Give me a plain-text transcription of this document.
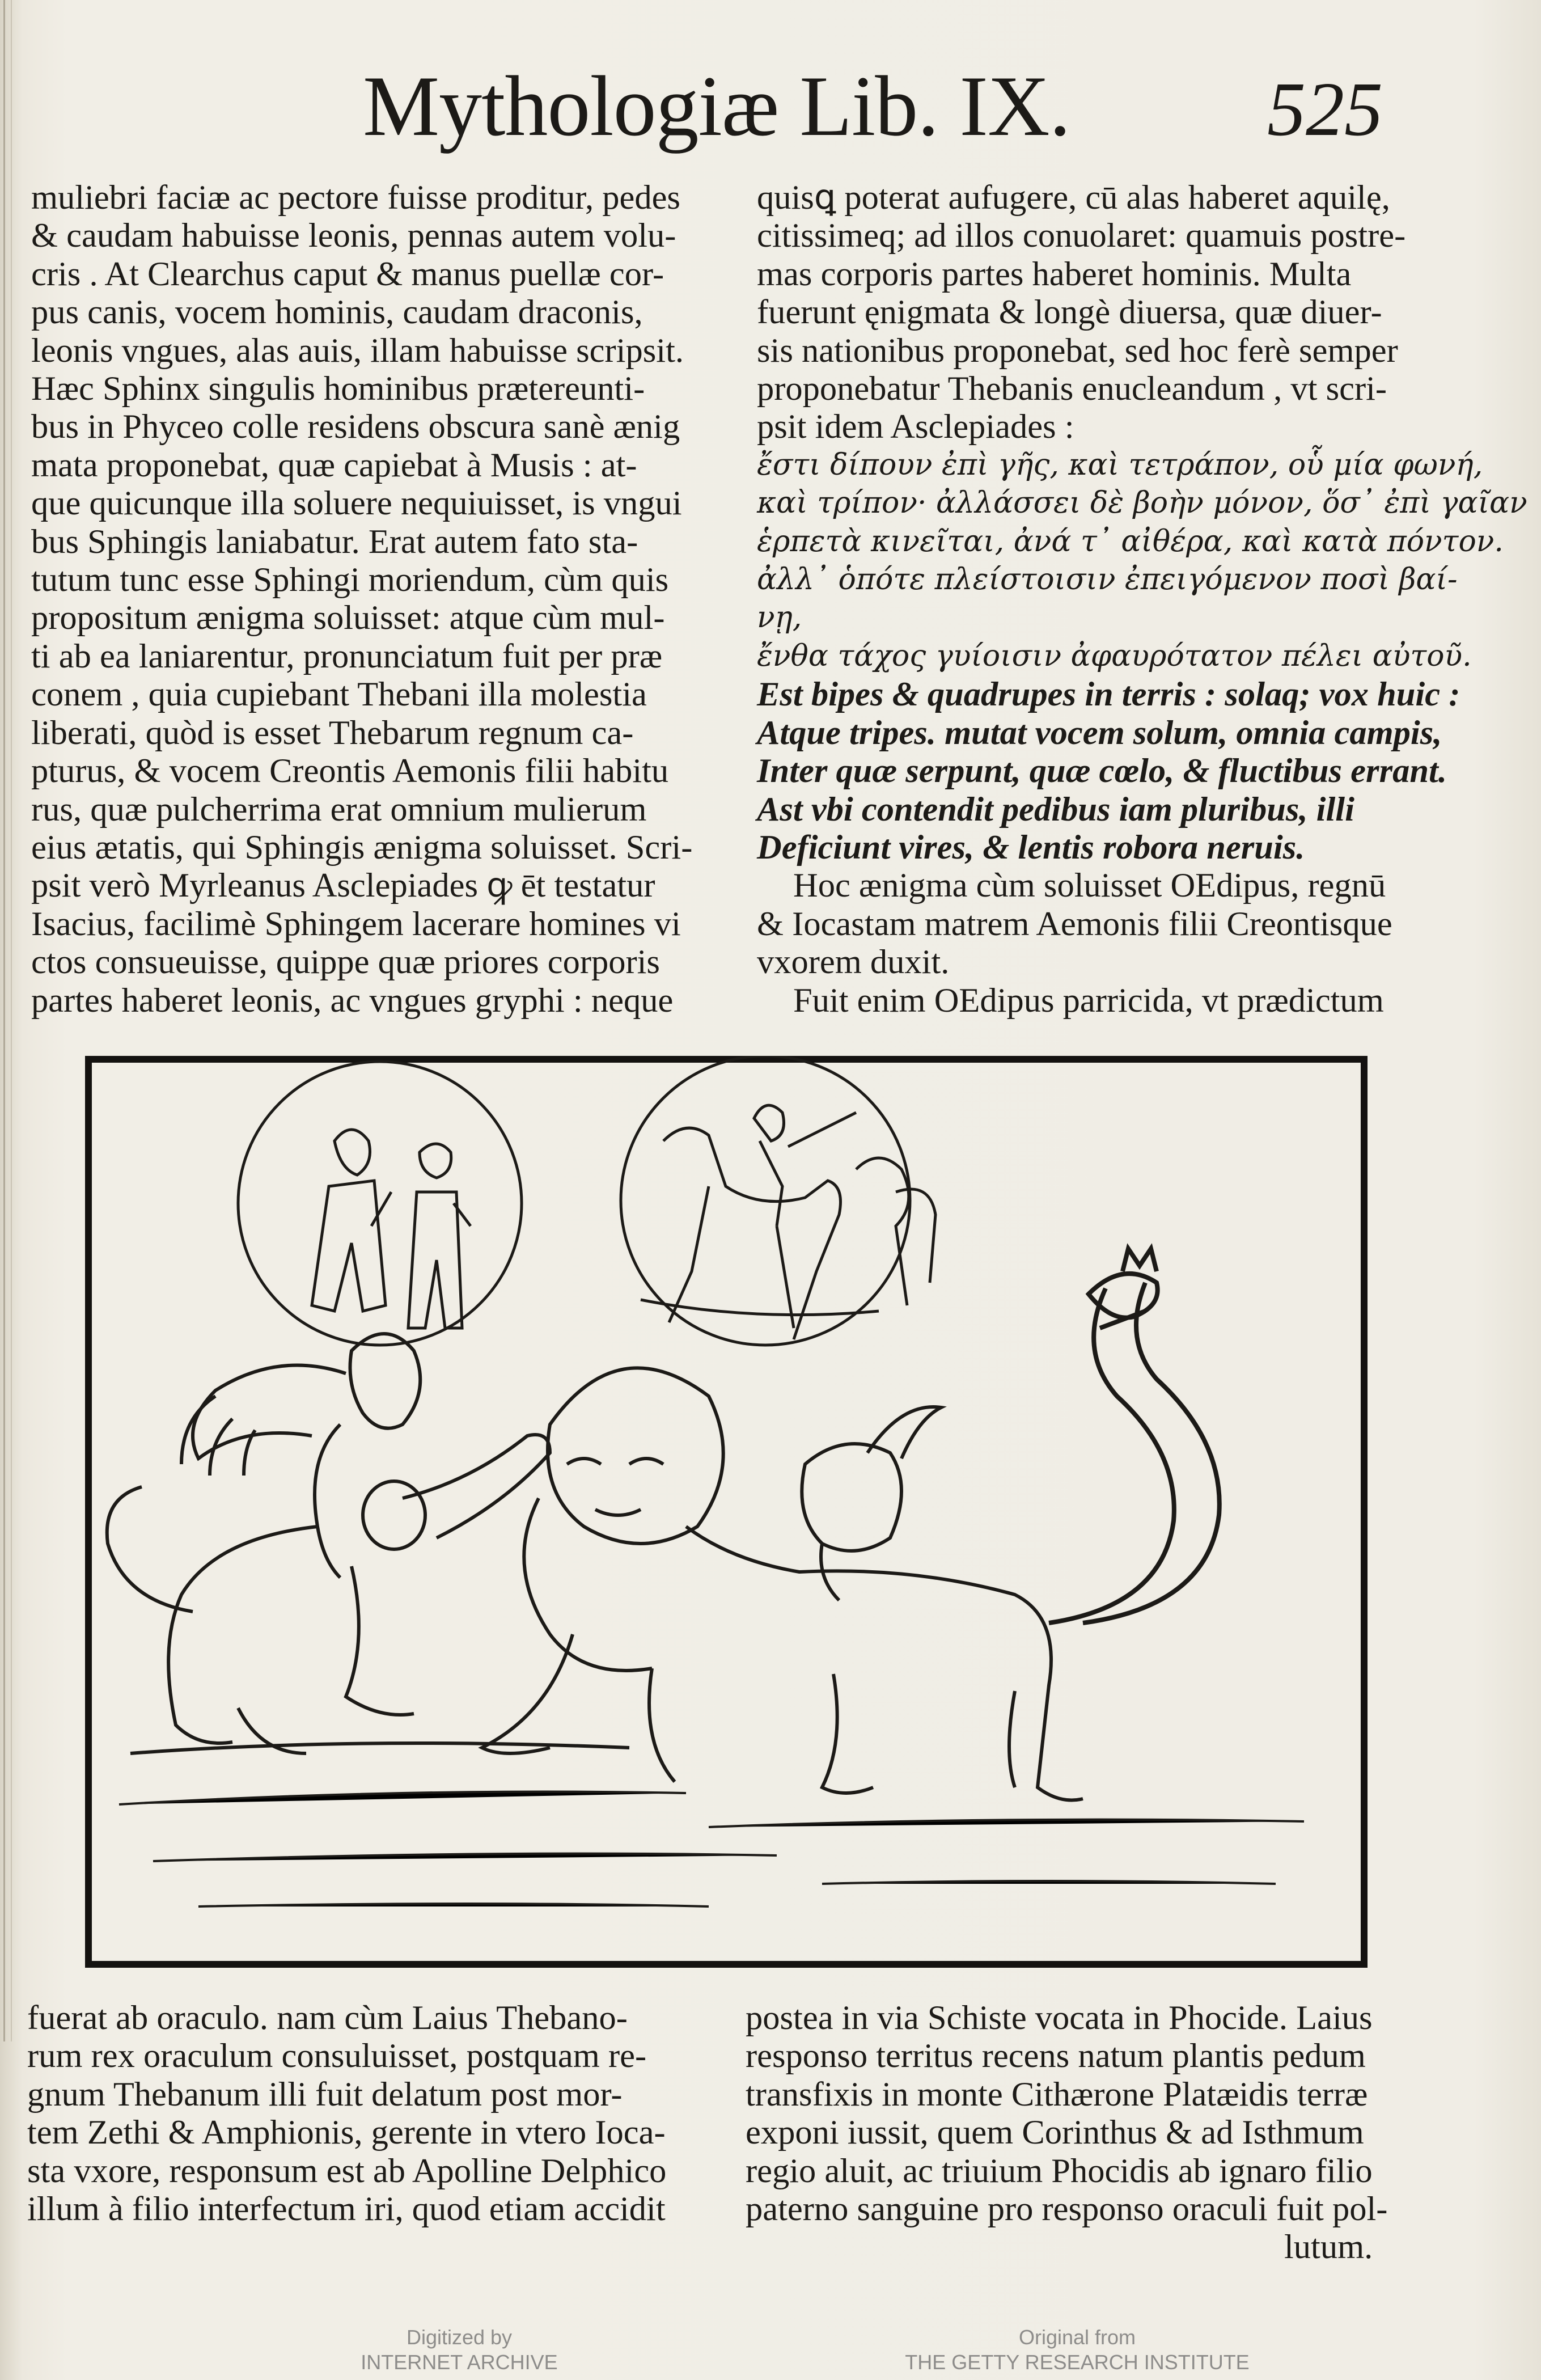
Mythologiæ Lib. IX.	525

muliebri faciæ ac pectore fuisse proditur, pedes

& caudam habuisse leonis, pennas autem volu-

cris . At Clearchus caput & manus puellæ cor-

pus canis, vocem hominis, caudam draconis,

leonis vngues, alas auis, illam habuisse scripsit.

Hæc Sphinx singulis hominibus prætereunti-

bus in Phyceo colle residens obscura sanè ænig

mata proponebat, quæ capiebat à Musis : at-

que quicunque illa soluere nequiuisset, is vngui

bus Sphingis laniabatur. Erat autem fato sta-

tutum tunc esse Sphingi moriendum, cùm quis

propositum ænigma soluisset: atque cùm mul-

ti ab ea laniarentur, pronunciatum fuit per præ

conem , quia cupiebant Thebani illa molestia

liberati, quòd is esset Thebarum regnum ca-

pturus, & vocem Creontis Aemonis filii habitu

rus, quæ pulcherrima erat omnium mulierum

eius ætatis, qui Sphingis ænigma soluisset. Scri-

psit verò Myrleanus Asclepiades ꝙ ēt testatur

Isacius, facilimè Sphingem lacerare homines vi

ctos consueuisse, quippe quæ priores corporis

partes haberet leonis, ac vngues gryphi : neque

quisꝗ poterat aufugere, cū alas haberet aquilę,

citissimeq; ad illos conuolaret: quamuis postre-

mas corporis partes haberet hominis. Multa

fuerunt ęnigmata & longè diuersa, quæ diuer-

sis nationibus proponebat, sed hoc ferè semper

proponebatur Thebanis enucleandum , vt scri-

psit idem Asclepiades :

ἔστι δίπουν ἐπὶ γῆς, καὶ τετράπον, οὗ μία φωνή,

καὶ τρίπον· ἀλλάσσει δὲ βοὴν μόνον, ὅσ᾽ ἐπὶ γαῖαν

ἑρπετὰ κινεῖται, ἀνά τ᾽ αἰθέρα, καὶ κατὰ πόντον.

ἀλλ᾽ ὁπότε πλείστοισιν ἐπειγόμενον ποσὶ βαί-

νῃ,

ἔνθα τάχος γυίοισιν ἀφαυρότατον πέλει αὐτοῦ.

Est bipes & quadrupes in terris : solaq; vox huic :

Atque tripes. mutat vocem solum, omnia campis,

Inter quæ serpunt, quæ cœlo, & fluctibus errant.

Ast vbi contendit pedibus iam pluribus, illi

Deficiunt vires, & lentis robora neruis.

Hoc ænigma cùm soluisset OEdipus, regnū

& Iocastam matrem Aemonis filii Creontisque

vxorem duxit.

Fuit enim OEdipus parricida, vt prædictum

fuerat ab oraculo. nam cùm Laius Thebano-

rum rex oraculum consuluisset, postquam re-

gnum Thebanum illi fuit delatum post mor-

tem Zethi & Amphionis, gerente in vtero Ioca-

sta vxore, responsum est ab Apolline Delphico

illum à filio interfectum iri, quod etiam accidit

postea in via Schiste vocata in Phocide. Laius

responso territus recens natum plantis pedum

transfixis in monte Cithærone Platæidis terræ

exponi iussit, quem Corinthus & ad Isthmum

regio aluit, ac triuium Phocidis ab ignaro filio

paterno sanguine pro responso oraculi fuit pol-

lutum.

Digitized by
INTERNET ARCHIVE
Original from
THE GETTY RESEARCH INSTITUTE
